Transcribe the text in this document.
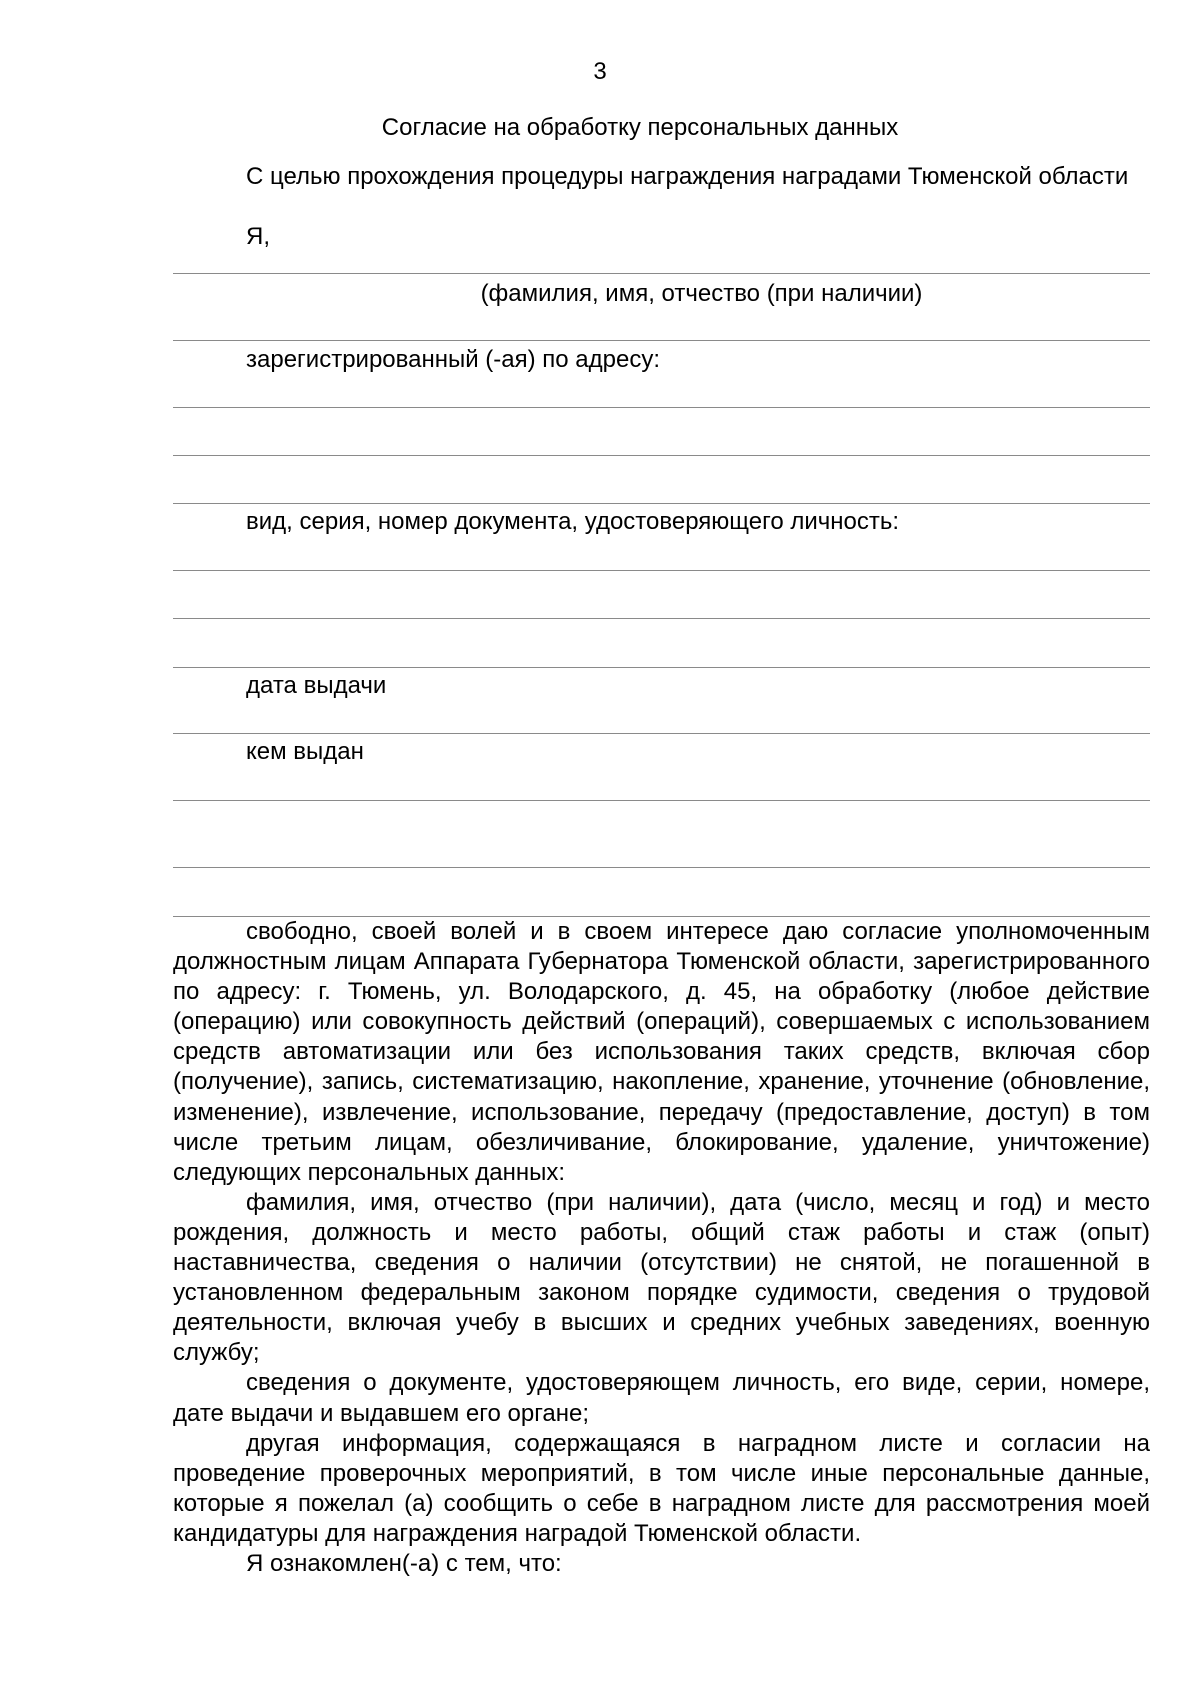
3
Согласие на обработку персональных данных

С целью прохождения процедуры награждения наградами Тюменской области

Я,
(фамилия, имя, отчество (при наличии)
зарегистрированный (-ая) по адресу:
вид, серия, номер документа, удостоверяющего личность:
дата выдачи
кем выдан

свободно, своей волей и в своем интересе даю согласие уполномоченным должностным лицам Аппарата Губернатора Тюменской области, зарегистрированного по адресу: г. Тюмень, ул. Володарского, д. 45, на обработку (любое действие (операцию) или совокупность действий (операций), совершаемых с использованием средств автоматизации или без использования таких средств, включая сбор (получение), запись, систематизацию, накопление, хранение, уточнение (обновление, изменение), извлечение, использование, передачу (предоставление, доступ) в том числе третьим лицам, обезличивание, блокирование, удаление, уничтожение) следующих персональных данных:

фамилия, имя, отчество (при наличии), дата (число, месяц и год) и место рождения, должность и место работы, общий стаж работы и стаж (опыт) наставничества, сведения о наличии (отсутствии) не снятой, не погашенной в установленном федеральным законом порядке судимости, сведения о трудовой деятельности, включая учебу в высших и средних учебных заведениях, военную службу;

сведения о документе, удостоверяющем личность, его виде, серии, номере, дате выдачи и выдавшем его органе;

другая информация, содержащаяся в наградном листе и согласии на проведение проверочных мероприятий, в том числе иные персональные данные, которые я пожелал (а) сообщить о себе в наградном листе для рассмотрения моей кандидатуры для награждения наградой Тюменской области.

Я ознакомлен(-а) с тем, что:
